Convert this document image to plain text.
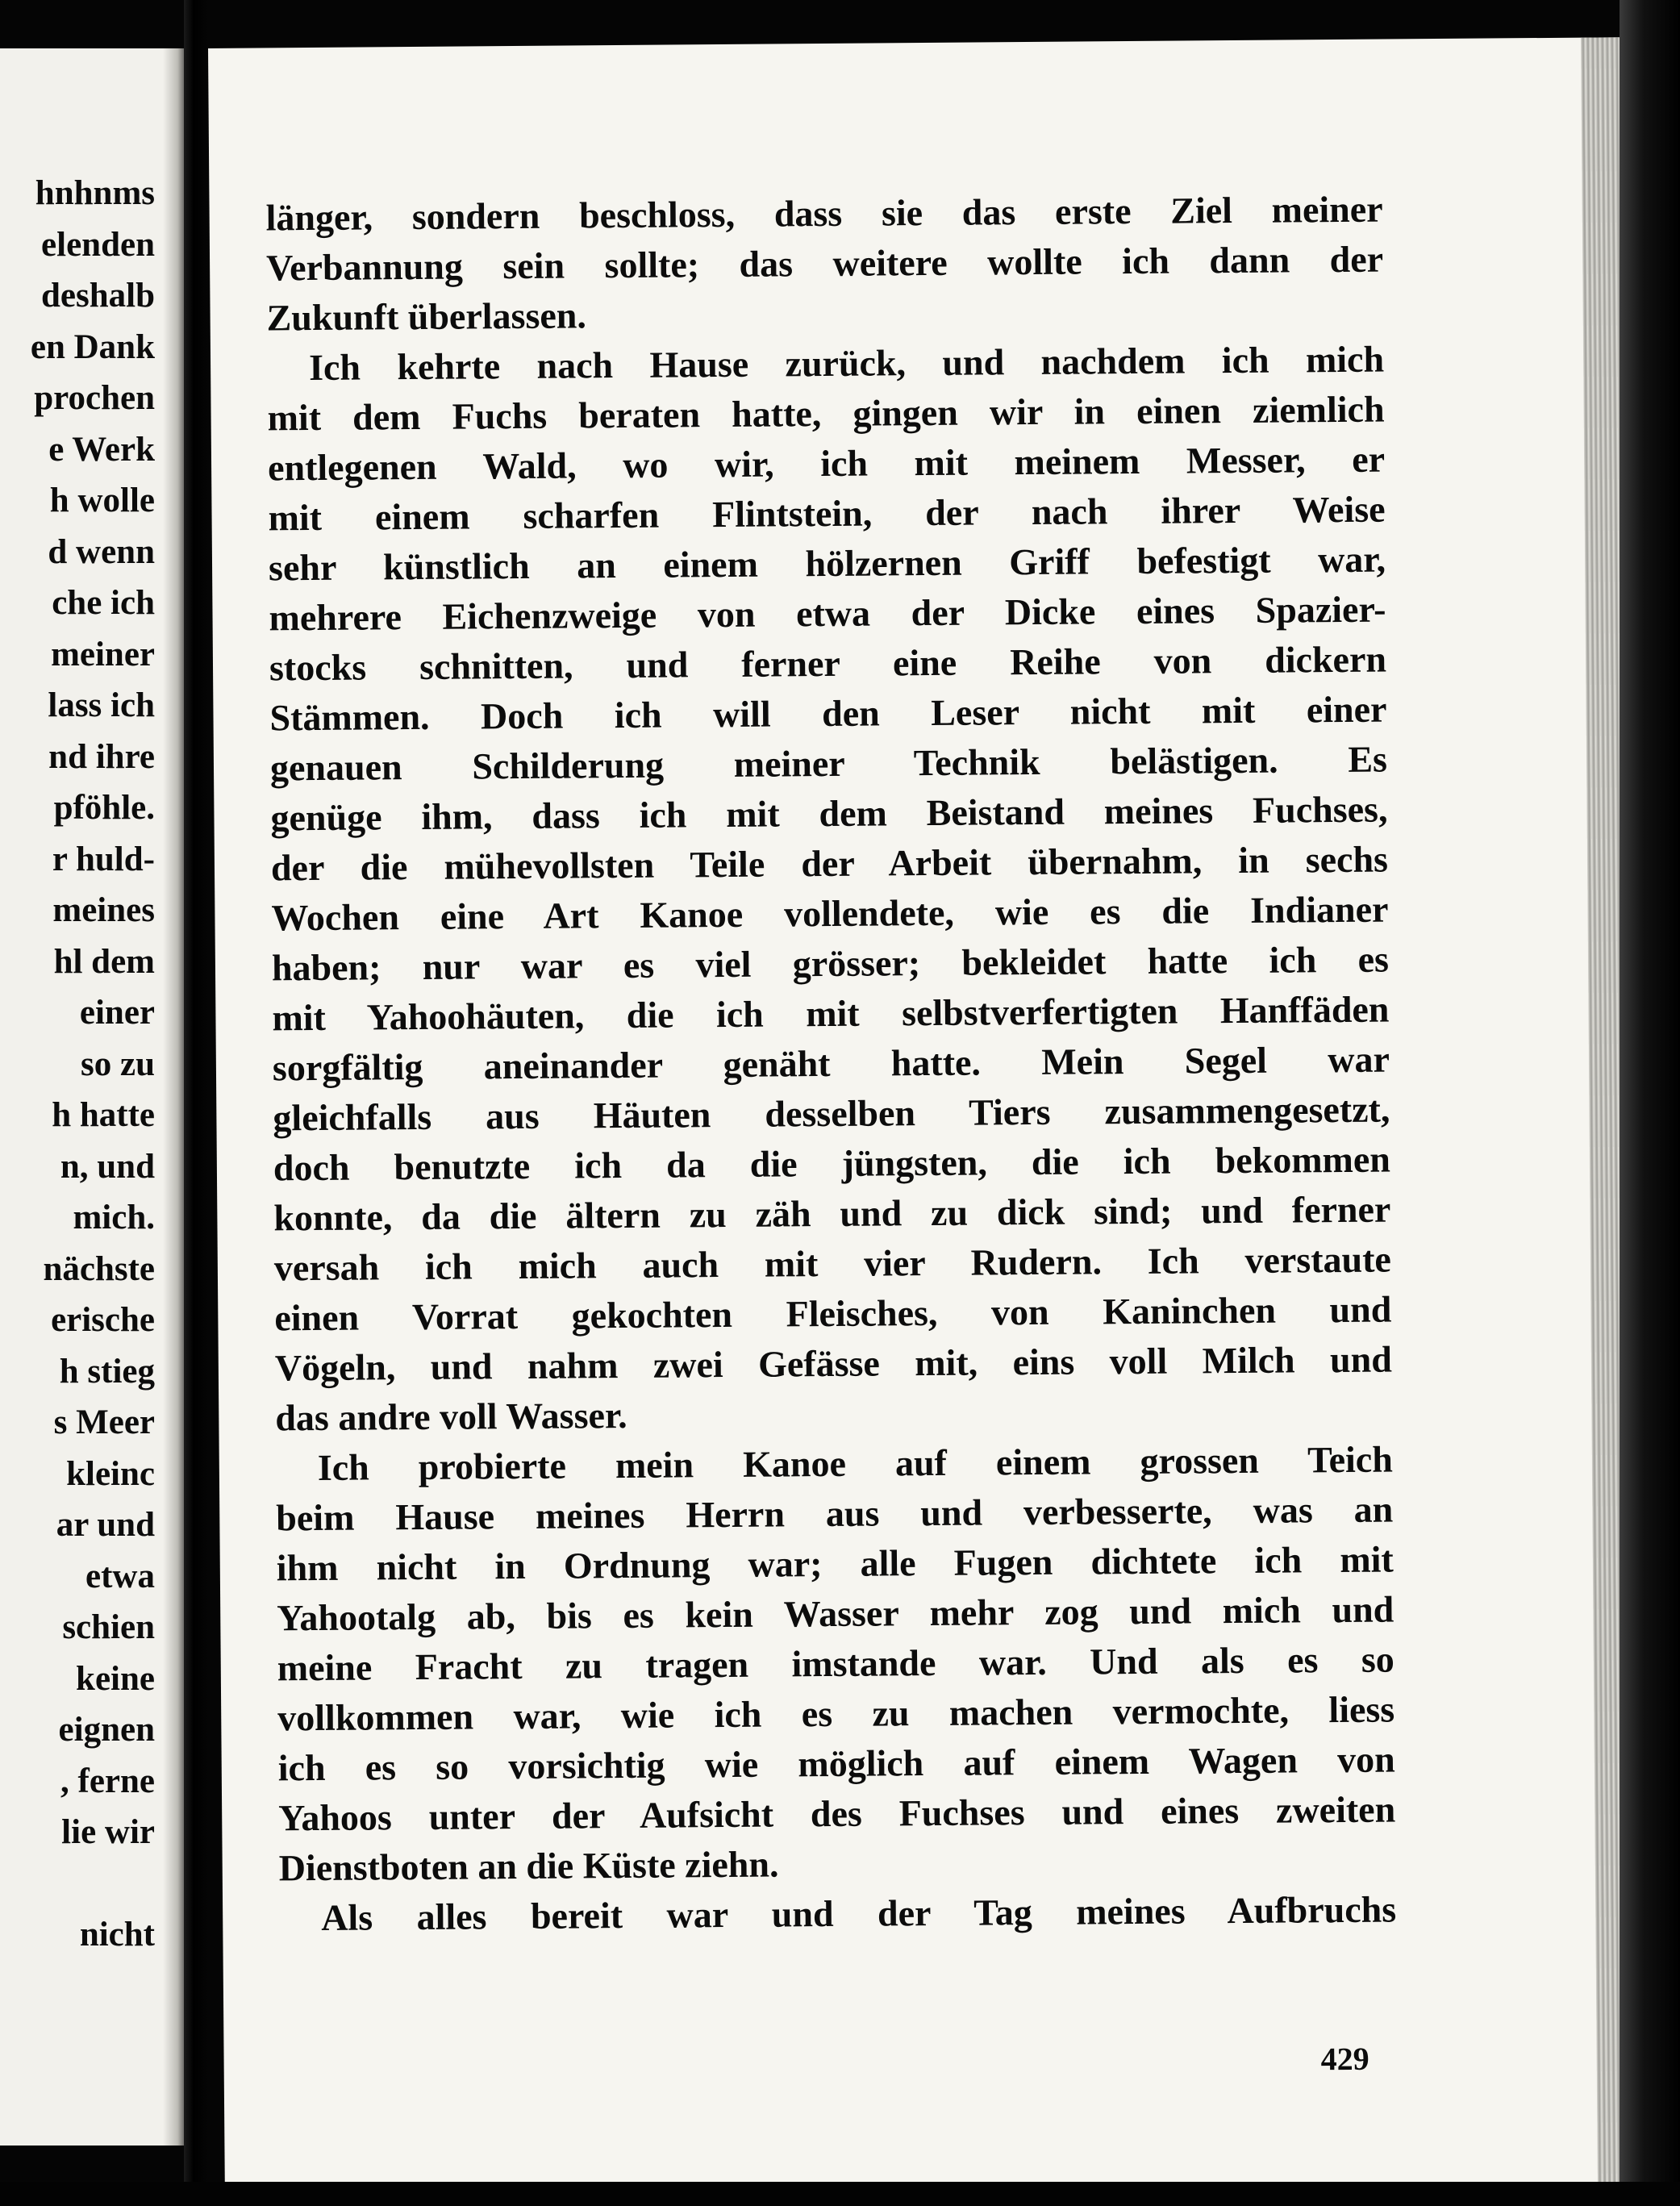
hnhnms
elenden
deshalb
en Dank
prochen
e Werk
h wolle
d wenn
che ich
meiner
lass ich
nd ihre
pföhle.
r huld-
meines
hl dem
einer
so zu
h hatte
n, und
mich.
nächste
erische
h stieg
s Meer
kleinc
ar und
etwa
schien
keine
eignen
, ferne
lie wir
nicht
länger, sondern beschloss, dass sie das erste Ziel meiner
Verbannung sein sollte; das weitere wollte ich dann der
Zukunft überlassen.
Ich kehrte nach Hause zurück, und nachdem ich mich
mit dem Fuchs beraten hatte, gingen wir in einen ziemlich
entlegenen Wald, wo wir, ich mit meinem Messer, er
mit einem scharfen Flintstein, der nach ihrer Weise
sehr künstlich an einem hölzernen Griff befestigt war,
mehrere Eichenzweige von etwa der Dicke eines Spazier-
stocks schnitten, und ferner eine Reihe von dickern
Stämmen. Doch ich will den Leser nicht mit einer
genauen Schilderung meiner Technik belästigen. Es
genüge ihm, dass ich mit dem Beistand meines Fuchses,
der die mühevollsten Teile der Arbeit übernahm, in sechs
Wochen eine Art Kanoe vollendete, wie es die Indianer
haben; nur war es viel grösser; bekleidet hatte ich es
mit Yahoohäuten, die ich mit selbstverfertigten Hanffäden
sorgfältig aneinander genäht hatte. Mein Segel war
gleichfalls aus Häuten desselben Tiers zusammengesetzt,
doch benutzte ich da die jüngsten, die ich bekommen
konnte, da die ältern zu zäh und zu dick sind; und ferner
versah ich mich auch mit vier Rudern. Ich verstaute
einen Vorrat gekochten Fleisches, von Kaninchen und
Vögeln, und nahm zwei Gefässe mit, eins voll Milch und
das andre voll Wasser.
Ich probierte mein Kanoe auf einem grossen Teich
beim Hause meines Herrn aus und verbesserte, was an
ihm nicht in Ordnung war; alle Fugen dichtete ich mit
Yahootalg ab, bis es kein Wasser mehr zog und mich und
meine Fracht zu tragen imstande war. Und als es so
vollkommen war, wie ich es zu machen vermochte, liess
ich es so vorsichtig wie möglich auf einem Wagen von
Yahoos unter der Aufsicht des Fuchses und eines zweiten
Dienstboten an die Küste ziehn.
Als alles bereit war und der Tag meines Aufbruchs
429
